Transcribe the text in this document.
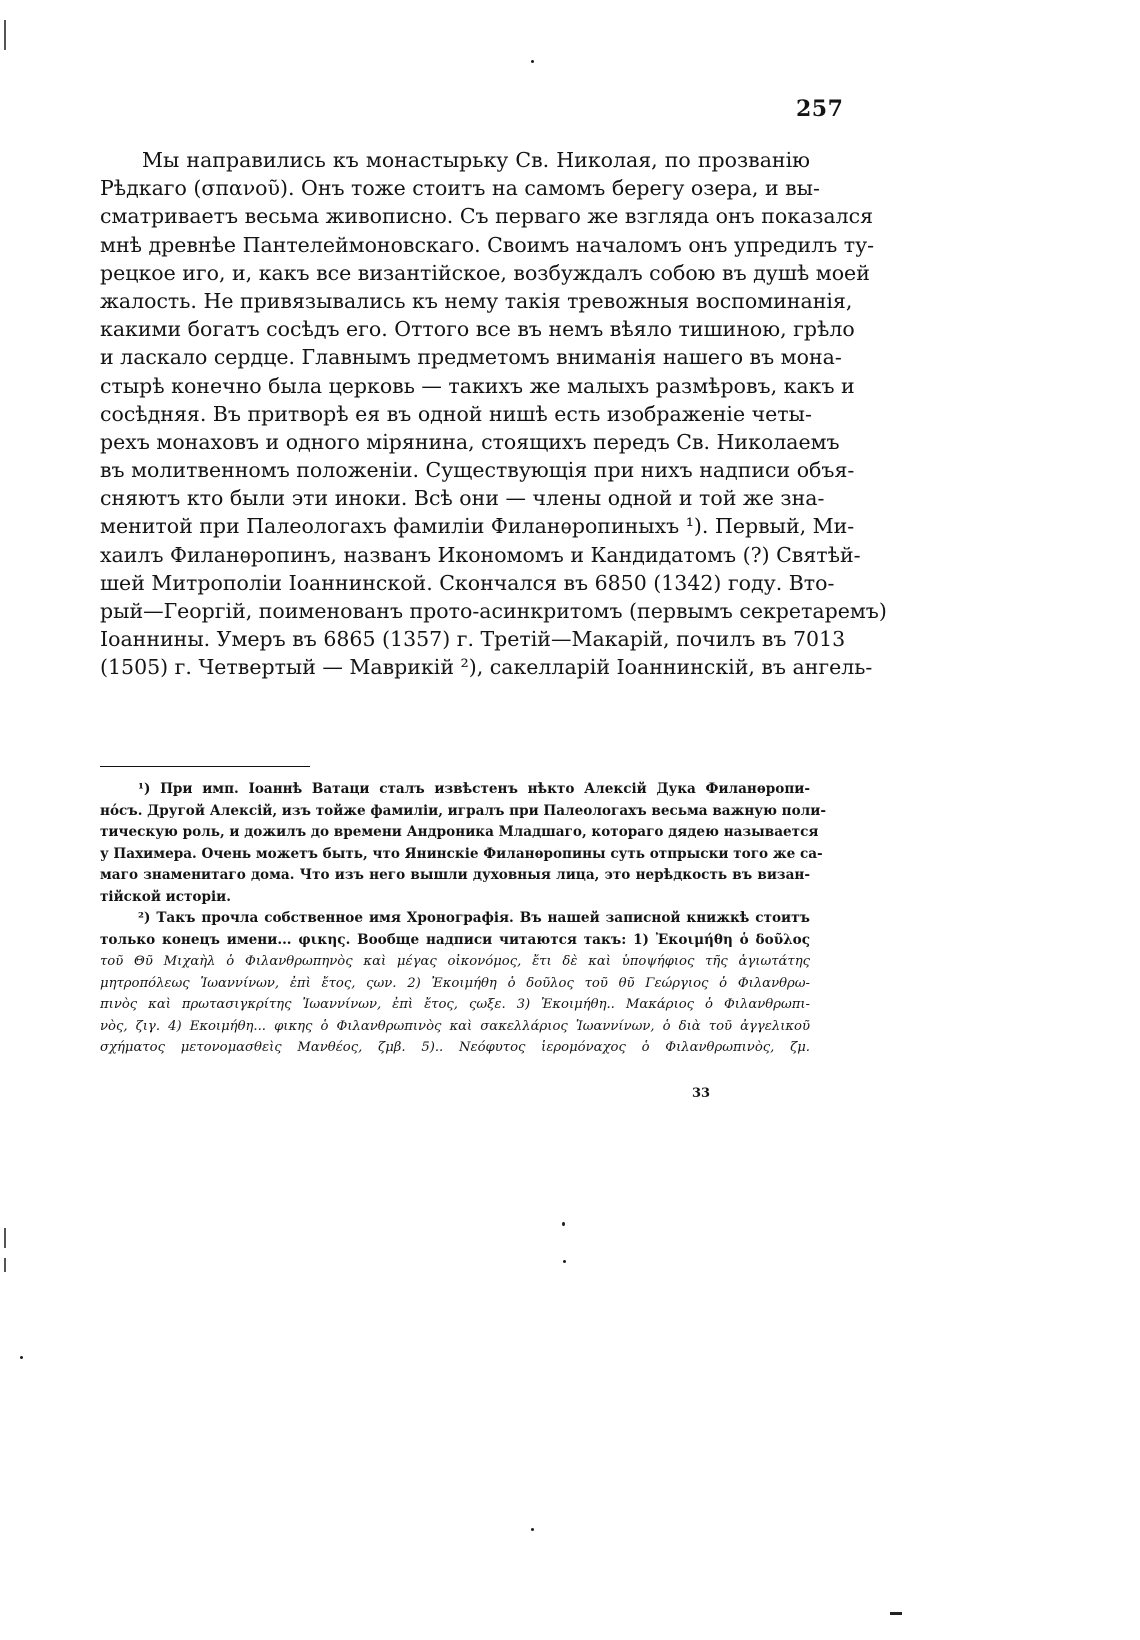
257
Мы направились къ монастырьку Св. Николая, по прозванію
Рѣдкаго (σπανοῦ). Онъ тоже стоитъ на самомъ берегу озера, и вы-
сматриваетъ весьма живописно. Съ перваго же взгляда онъ показался
мнѣ древнѣе Пантелеймоновскаго. Своимъ началомъ онъ упредилъ ту-
рецкое иго, и, какъ все византійское, возбуждалъ собою въ душѣ моей
жалость. Не привязывались къ нему такія тревожныя воспоминанія,
какими богатъ сосѣдъ его. Оттого все въ немъ вѣяло тишиною, грѣло
и ласкало сердце. Главнымъ предметомъ вниманія нашего въ мона-
стырѣ конечно была церковь — такихъ же малыхъ размѣровъ, какъ и
сосѣдняя. Въ притворѣ ея въ одной нишѣ есть изображеніе четы-
рехъ монаховъ и одного мірянина, стоящихъ передъ Св. Николаемъ
въ молитвенномъ положеніи. Существующія при нихъ надписи объя-
сняютъ кто были эти иноки. Всѣ они — члены одной и той же зна-
менитой при Палеологахъ фамиліи Филанѳропиныхъ ¹). Первый, Ми-
хаилъ Филанѳропинъ, названъ Икономомъ и Кандидатомъ (?) Святѣй-
шей Митрополіи Іоаннинской. Скончался въ 6850 (1342) году. Вто-
рый—Георгій, поименованъ прото-асинкритомъ (первымъ секретаремъ)
Іоаннины. Умеръ въ 6865 (1357) г. Третій—Макарій, почилъ въ 7013
(1505) г. Четвертый — Маврикій ²), сакелларій Іоаннинскій, въ ангель-
¹) При имп. Іоаннѣ Ватаци сталъ извѣстенъ нѣкто Алексій Дука Филанѳропи-
нόсъ. Другой Алексій, изъ тойже фамиліи, игралъ при Палеологахъ весьма важную поли-
тическую роль, и дожилъ до времени Андроника Младшаго, котораго дядею называется
у Пахимера. Очень можетъ быть, что Янинскіе Филанѳропины суть отпрыски того же са-
маго знаменитаго дома. Что изъ него вышли духовныя лица, это нерѣдкость въ визан-
тійской исторіи.
²) Такъ прочла собственное имя Хронографія. Въ нашей записной книжкѣ стоитъ
только конецъ имени... φικης. Вообще надписи читаются такъ: 1) Ἐκοιμήθη ὁ δοῦλος
τοῦ Θῦ Μιχαὴλ ὁ Φιλανθρωπηνὸς καὶ μέγας οἰκονόμος, ἔτι δὲ καὶ ὑποψήφιος τῆς ἁγιωτάτης
μητροπόλεως Ἰωαννίνων, ἐπὶ ἔτος, ςων. 2) Ἐκοιμήθη ὁ δοῦλος τοῦ θῦ Γεώργιος ὁ Φιλανθρω-
πινὸς καὶ πρωτασιγκρίτης Ἰωαννίνων, ἐπὶ ἔτος, ςωξε. 3) Ἐκοιμήθη.. Μακάριος ὁ Φιλανθρωπι-
νὸς, ζιγ. 4) Εκοιμήθη... φικης ὁ Φιλανθρωπινὸς καὶ σακελλάριος Ἰωαννίνων, ὁ διὰ τοῦ ἀγγελικοῦ
σχήματος μετονομασθεὶς Μανθέος, ζμβ. 5).. Νεόφυτος ἱερομόναχος ὁ Φιλανθρωπινὸς, ζμ.
33
